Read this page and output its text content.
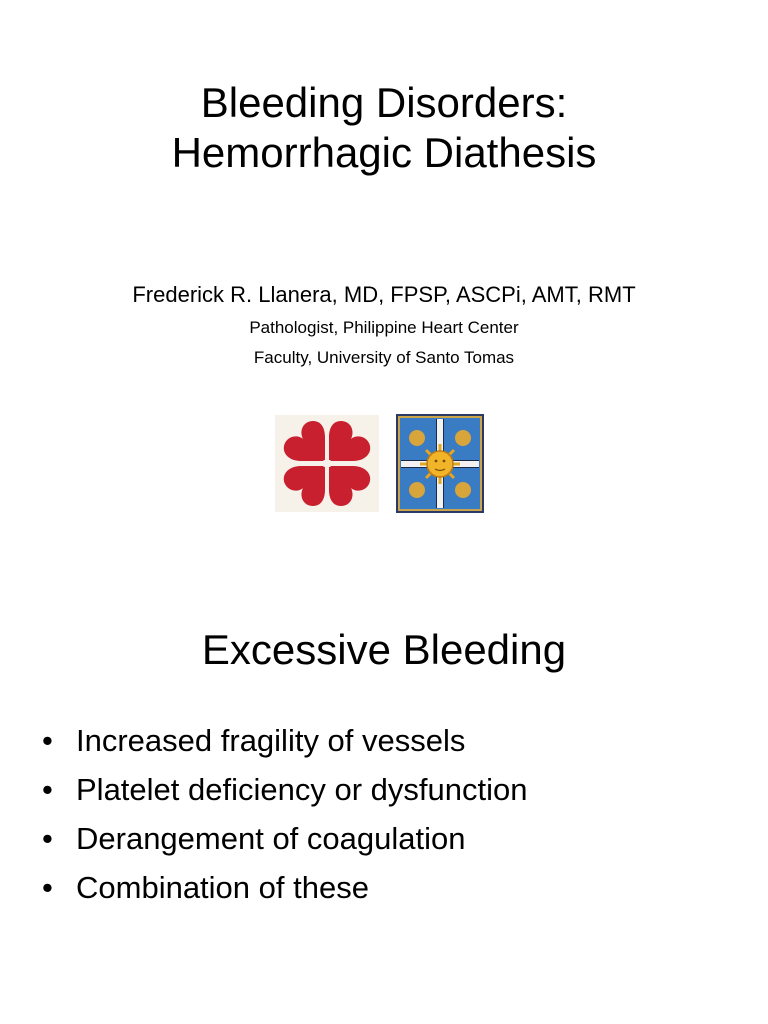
Bleeding Disorders:
Hemorrhagic Diathesis
Frederick R. Llanera, MD, FPSP, ASCPi, AMT, RMT
Pathologist, Philippine Heart Center
Faculty, University of Santo Tomas
Excessive Bleeding
• Increased fragility of vessels
• Platelet deficiency or dysfunction
• Derangement of coagulation
• Combination of these
